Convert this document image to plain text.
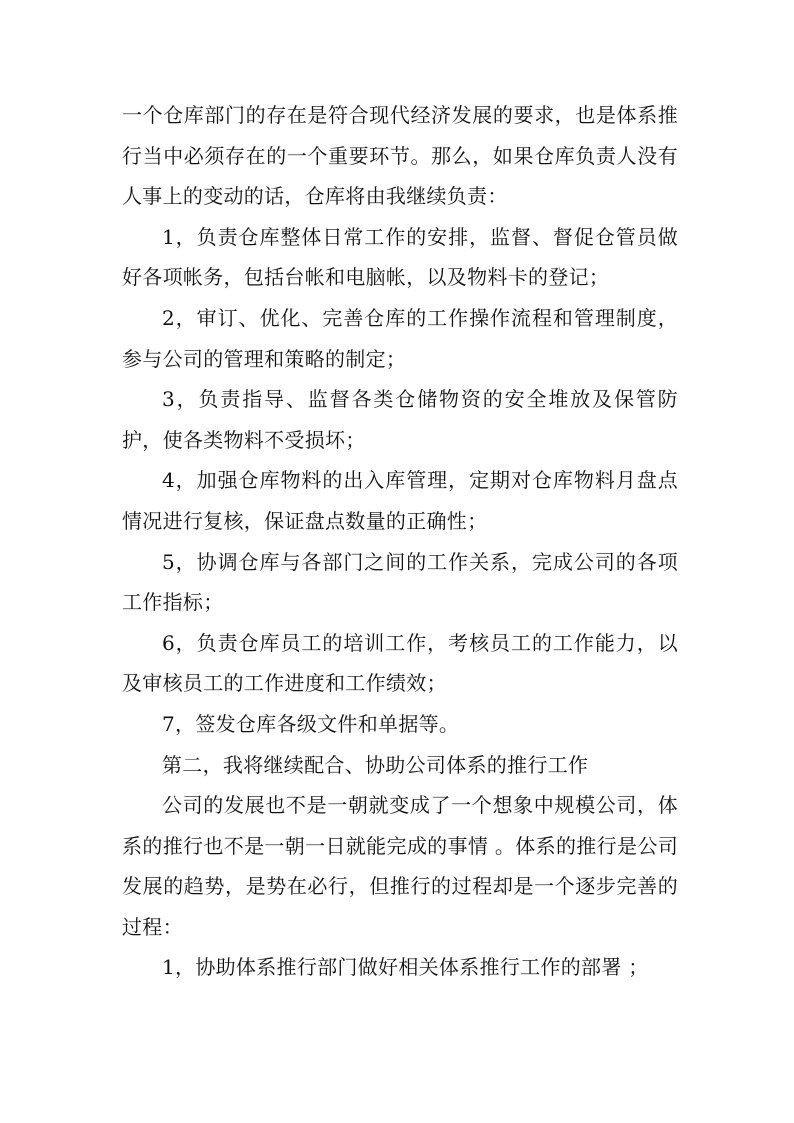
一个仓库部门的存在是符合现代经济发展的要求，也是体系推行当中必须存在的一个重要环节。那么，如果仓库负责人没有人事上的变动的话，仓库将由我继续负责：

1，负责仓库整体日常工作的安排，监督、督促仓管员做好各项帐务，包括台帐和电脑帐，以及物料卡的登记；

2，审订、优化、完善仓库的工作操作流程和管理制度，参与公司的管理和策略的制定；

3，负责指导、监督各类仓储物资的安全堆放及保管防护，使各类物料不受损坏；

4，加强仓库物料的出入库管理，定期对仓库物料月盘点情况进行复核，保证盘点数量的正确性；

5，协调仓库与各部门之间的工作关系，完成公司的各项工作指标；

6，负责仓库员工的培训工作，考核员工的工作能力，以及审核员工的工作进度和工作绩效；

7，签发仓库各级文件和单据等。

第二，我将继续配合、协助公司体系的推行工作

公司的发展也不是一朝就变成了一个想象中规模公司，体系的推行也不是一朝一日就能完成的事情 。体系的推行是公司发展的趋势，是势在必行，但推行的过程却是一个逐步完善的过程：

1，协助体系推行部门做好相关体系推行工作的部署 ；
